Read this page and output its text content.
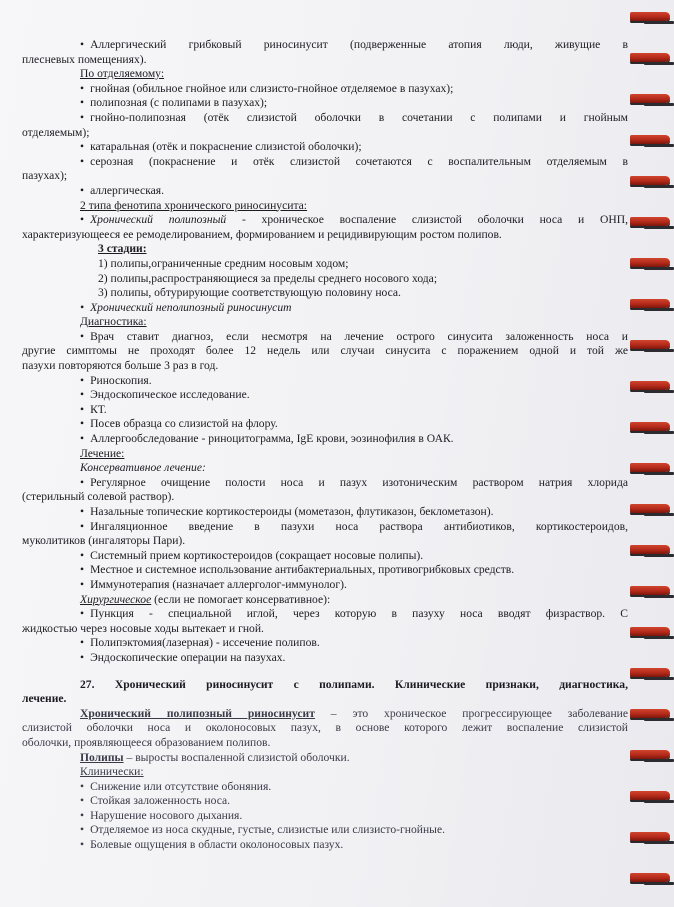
• Аллергический грибковый риносинусит (подверженные атопия люди, живущие в

плесневых помещениях).

По отделяемому:

• гнойная (обильное гнойное или слизисто-гнойное отделяемое в пазухах);

• полипозная (с полипами в пазухах);

• гнойно-полипозная (отёк слизистой оболочки в сочетании с полипами и гнойным

отделяемым);

• катаральная (отёк и покраснение слизистой оболочки);

• серозная (покраснение и отёк слизистой сочетаются с воспалительным отделяемым в

пазухах);

• аллергическая.

2 типа фенотипа хронического риносинусита:

• Хронический полипозный - хроническое воспаление слизистой оболочки носа и ОНП,

характеризующееся ее ремоделированием, формированием и рецидивирующим ростом полипов.

3 стадии:

1) полипы,ограниченные средним носовым ходом;

2) полипы,распространяющиеся за пределы среднего носового хода;

3) полипы, обтурирующие соответствующую половину носа.

• Хронический неполипозный риносинусит

Диагностика:

• Врач ставит диагноз, если несмотря на лечение острого синусита заложенность носа и

другие симптомы не проходят более 12 недель или случаи синусита с поражением одной и той же

пазухи повторяются больше 3 раз в год.

• Риноскопия.

• Эндоскопическое исследование.

• КТ.

• Посев образца со слизистой на флору.

• Аллергообследование - риноцитограмма, IgE крови, эозинофилия в ОАК.

Лечение:

Консервативное лечение:

• Регулярное очищение полости носа и пазух изотоническим раствором натрия хлорида

(стерильный солевой раствор).

• Назальные топические кортикостероиды (мометазон, флутиказон, беклометазон).

• Ингаляционное введение в пазухи носа раствора антибиотиков, кортикостероидов,

муколитиков (ингаляторы Пари).

• Системный прием кортикостероидов (сокращает носовые полипы).

• Местное и системное использование антибактериальных, противогрибковых средств.

• Иммунотерапия (назначает аллерголог-иммунолог).

Хирургическое (если не помогает консервативное):

• Пункция - специальной иглой, через которую в пазуху носа вводят физраствор. С

жидкостью через носовые ходы вытекает и гной.

• Полипэктомия(лазерная) - иссечение полипов.

• Эндоскопические операции на пазухах.

27. Хронический риносинусит с полипами. Клинические признаки, диагностика,

лечение.

Хронический полипозный риносинусит – это хроническое прогрессирующее заболевание

слизистой оболочки носа и околоносовых пазух, в основе которого лежит воспаление слизистой

оболочки, проявляющееся образованием полипов.

Полипы – выросты воспаленной слизистой оболочки.

Клинически:

• Снижение или отсутствие обоняния.

• Стойкая заложенность носа.

• Нарушение носового дыхания.

• Отделяемое из носа скудные, густые, слизистые или слизисто-гнойные.

• Болевые ощущения в области околоносовых пазух.
